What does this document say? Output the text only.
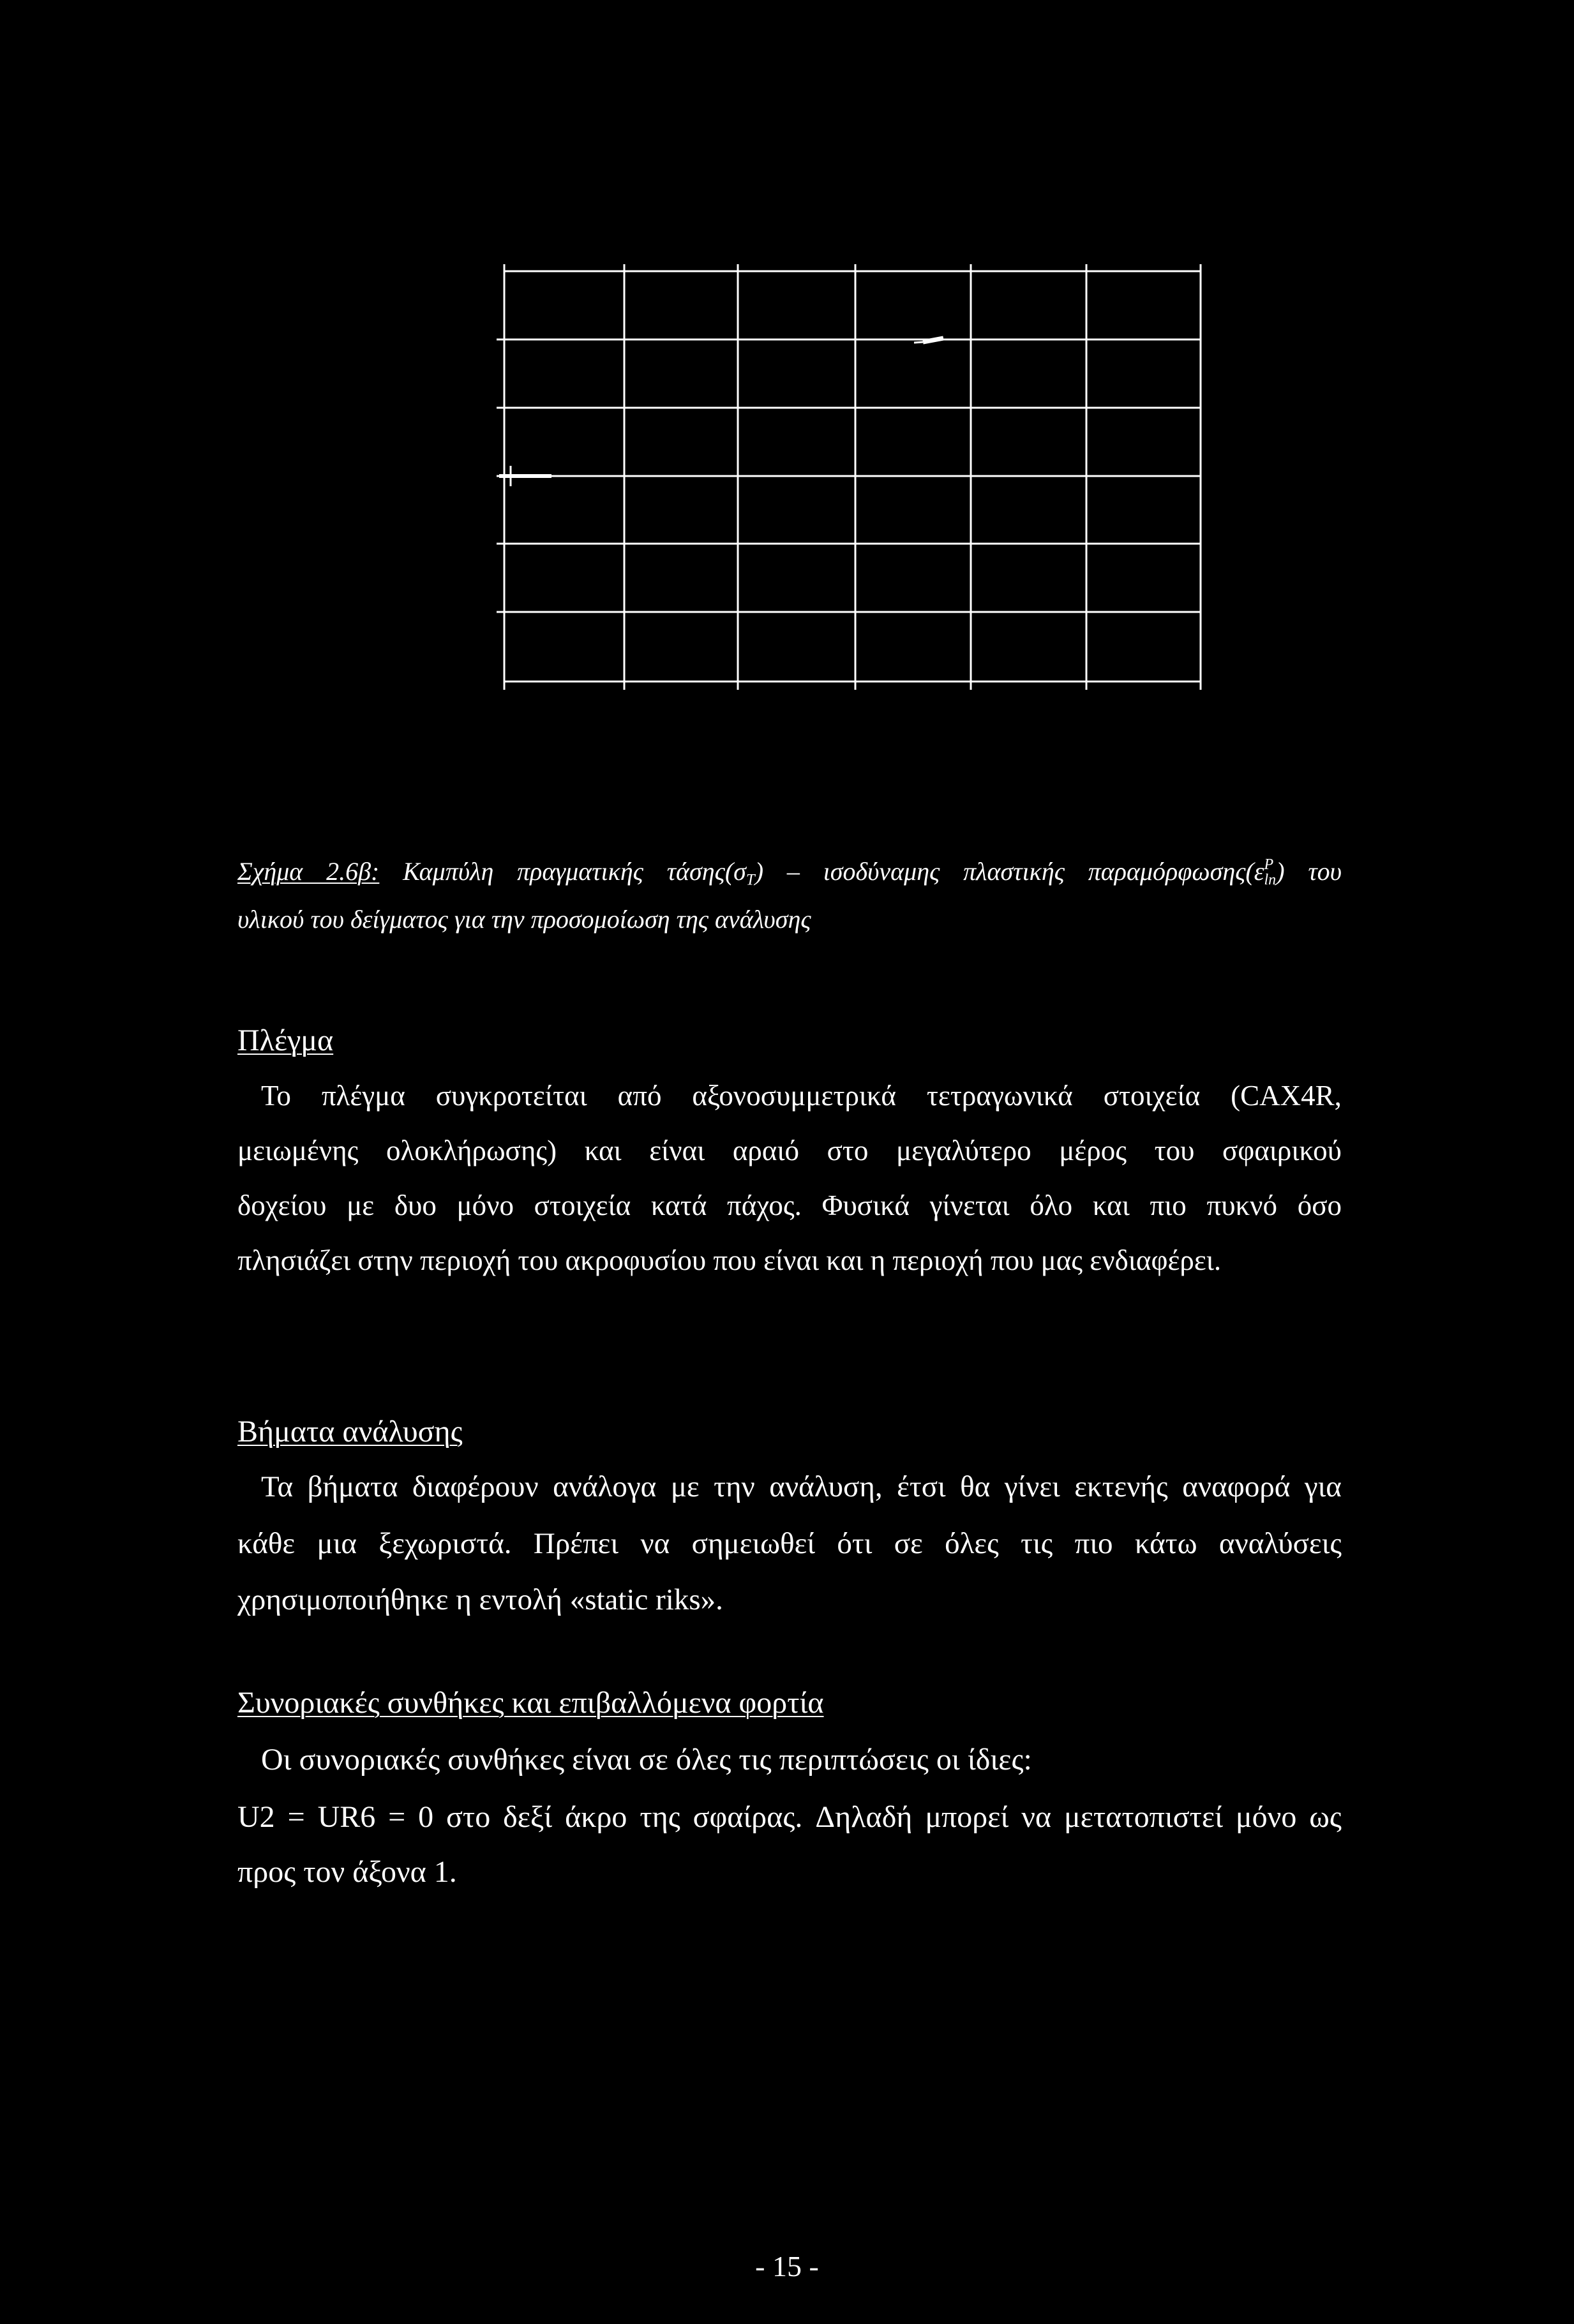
Σχήμα 2.6β: Καμπύλη πραγματικής $\tau ά\sigma\eta\varsigma(\sigma_T)$ – ισοδύναμης πλαστικής παραμόρφωσης(ε P
ln ) του
υλικού του δείγματος για την προσομοίωση της ανάλυσης
Πλέγμα
Το πλέγμα συγκροτείται από αξονοσυμμετρικά τετραγωνικά στοιχεία (CAX4R,
μειωμένης ολοκλήρωσης) και είναι αραιό στο μεγαλύτερο μέρος του σφαιρικού
δοχείου με δυο μόνο στοιχεία κατά πάχος. Φυσικά γίνεται όλο και πιο πυκνό όσο
πλησιάζει στην περιοχή του ακροφυσίου που είναι και η περιοχή που μας ενδιαφέρει.
Βήματα ανάλυσης
Τα βήματα διαφέρουν ανάλογα με την ανάλυση, έτσι θα γίνει εκτενής αναφορά για
κάθε μια ξεχωριστά. Πρέπει να σημειωθεί ότι σε όλες τις πιο κάτω αναλύσεις
χρησιμοποιήθηκε η εντολή «static riks».
Συνοριακές συνθήκες και επιβαλλόμενα φορτία
Οι συνοριακές συνθήκες είναι σε όλες τις περιπτώσεις οι ίδιες:
U2 = UR6 = 0 στο δεξί άκρο της σφαίρας. Δηλαδή μπορεί να μετατοπιστεί μόνο ως
προς τον άξονα 1.
- 15 -
